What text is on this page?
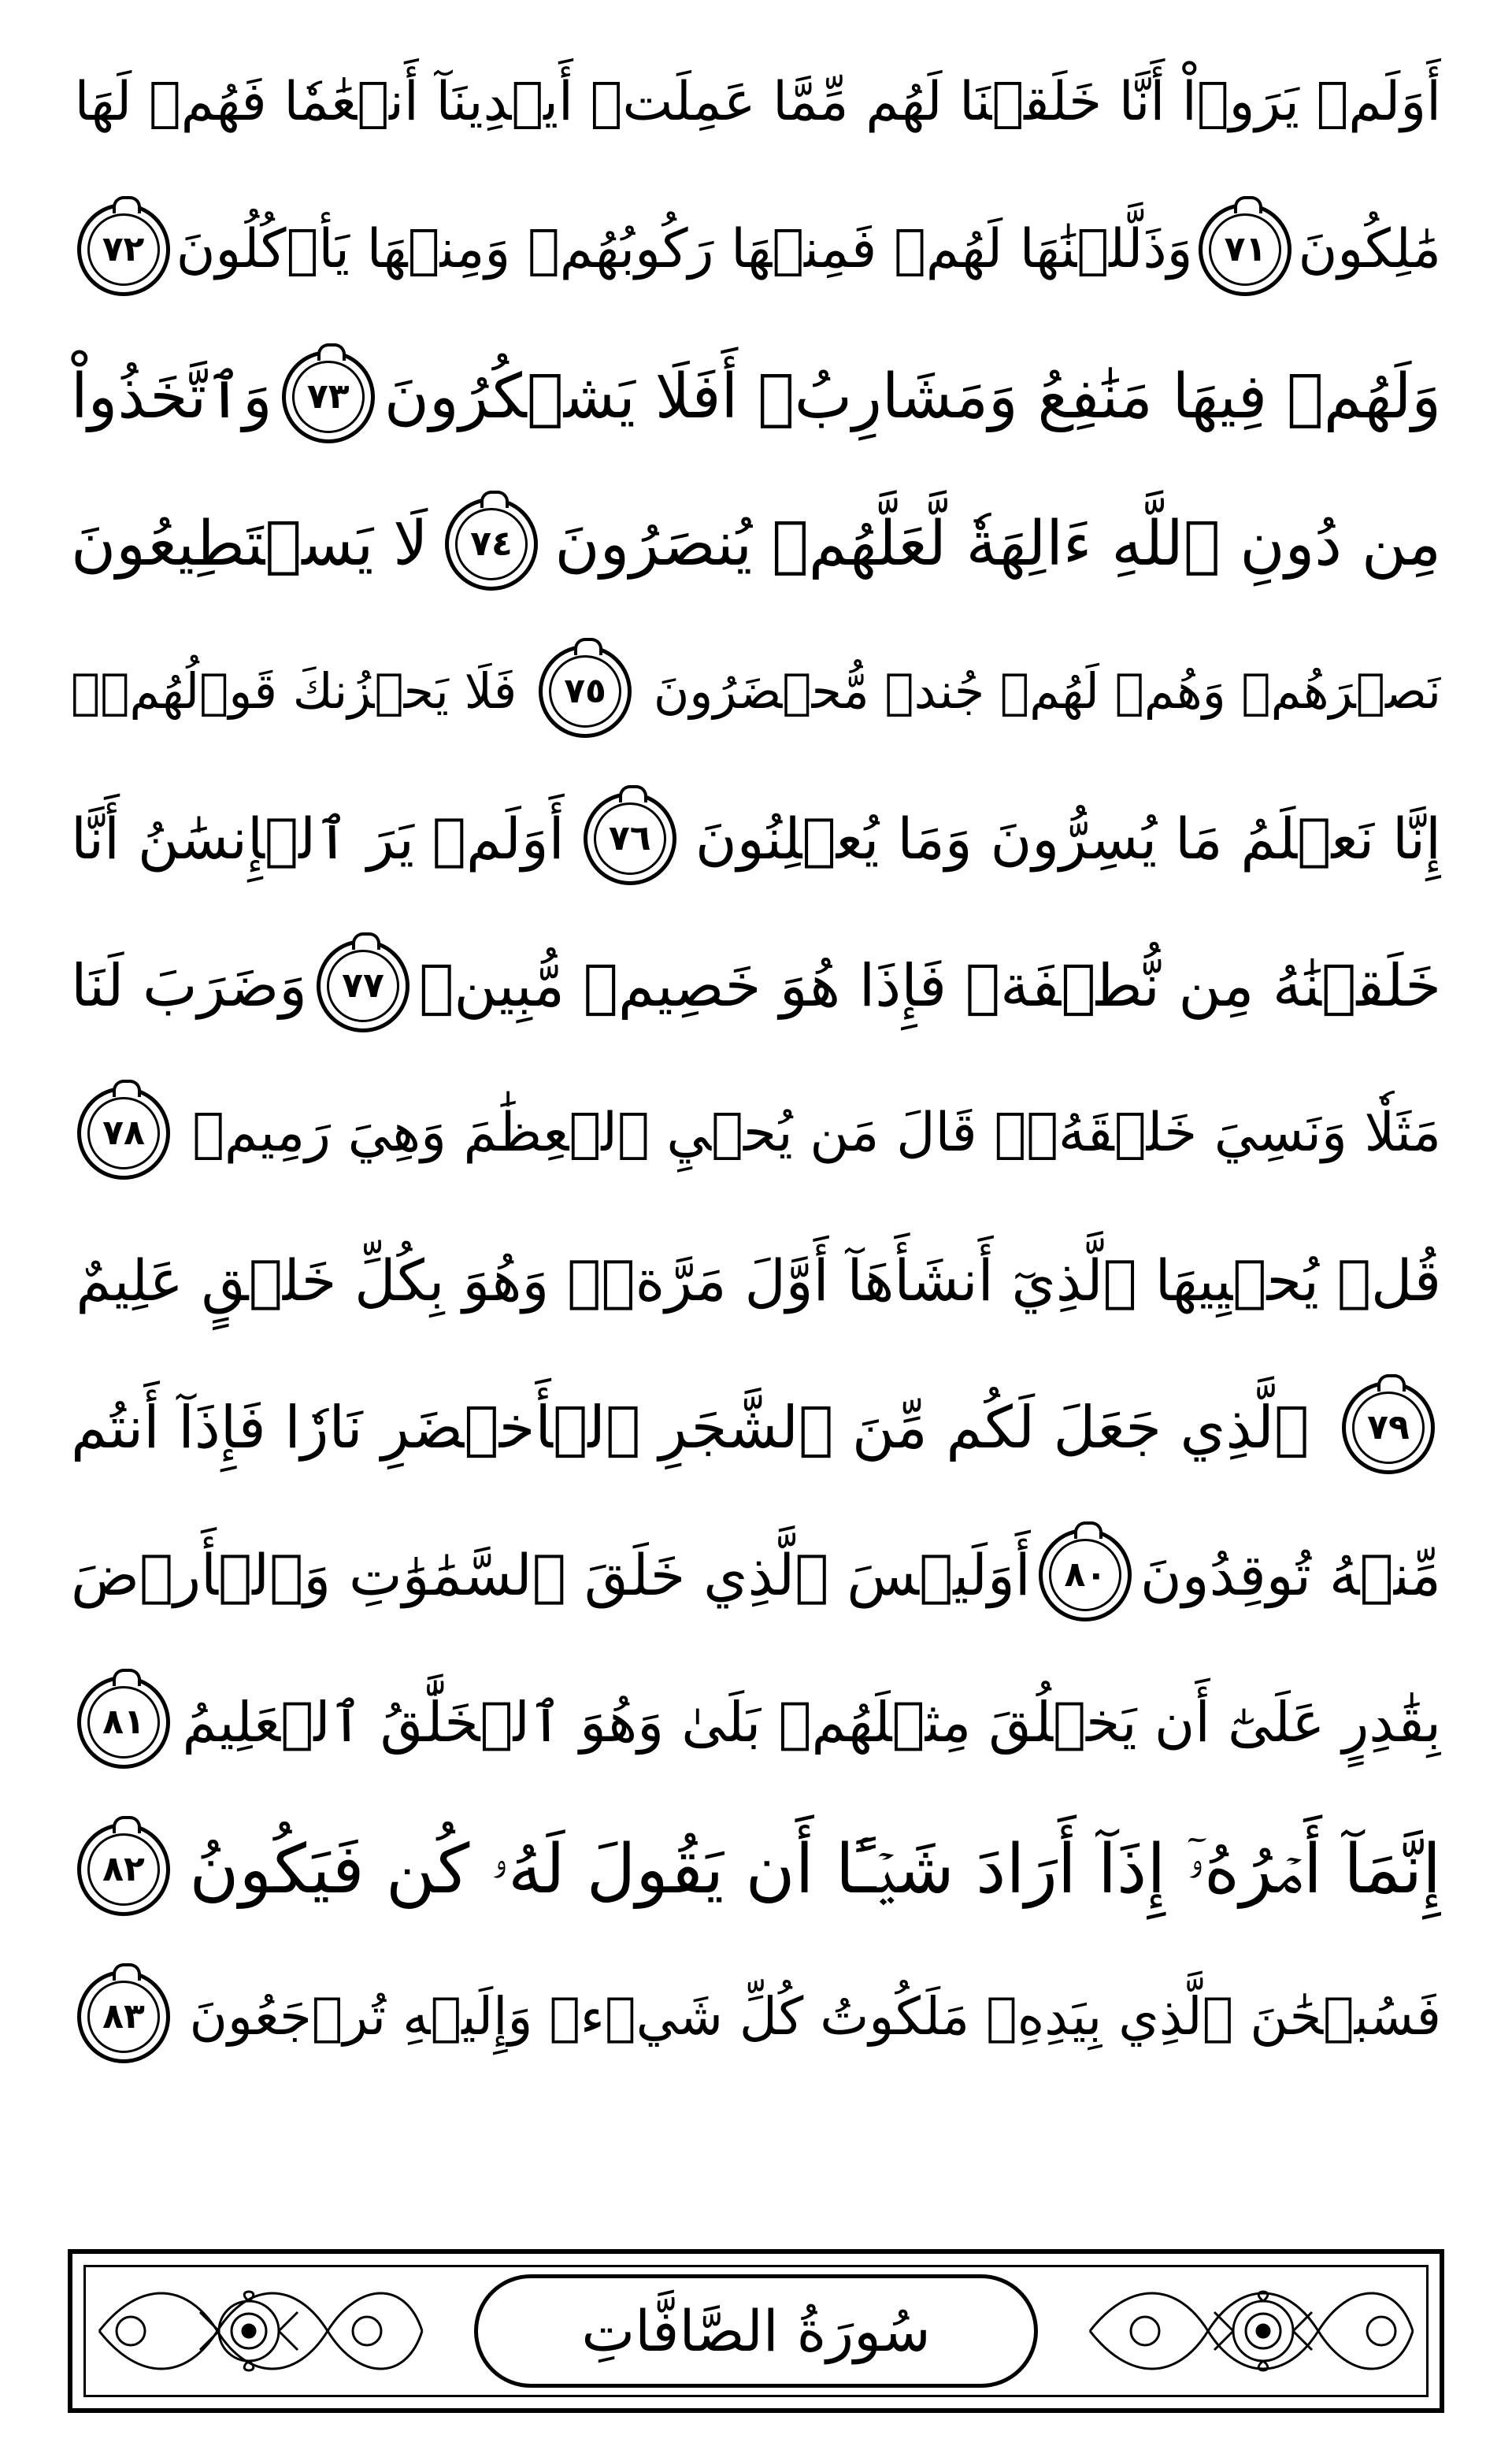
أَوَلَمۡ يَرَوۡاْ أَنَّا خَلَقۡنَا لَهُم مِّمَّا عَمِلَتۡ أَيۡدِينَآ أَنۡعَٰمٗا فَهُمۡ لَهَا
مَٰلِكُونَ
٧١
وَذَلَّلۡنَٰهَا لَهُمۡ فَمِنۡهَا رَكُوبُهُمۡ وَمِنۡهَا يَأۡكُلُونَ
٧٢
وَلَهُمۡ فِيهَا مَنَٰفِعُ وَمَشَارِبُۚ أَفَلَا يَشۡكُرُونَ
٧٣
وَٱتَّخَذُواْ
مِن دُونِ ٱللَّهِ ءَالِهَةٗ لَّعَلَّهُمۡ يُنصَرُونَ
٧٤
لَا يَسۡتَطِيعُونَ
نَصۡرَهُمۡ وَهُمۡ لَهُمۡ جُندٞ مُّحۡضَرُونَ
٧٥
فَلَا يَحۡزُنكَ قَوۡلُهُمۡۘ
إِنَّا نَعۡلَمُ مَا يُسِرُّونَ وَمَا يُعۡلِنُونَ
٧٦
أَوَلَمۡ يَرَ ٱلۡإِنسَٰنُ أَنَّا
خَلَقۡنَٰهُ مِن نُّطۡفَةٖ فَإِذَا هُوَ خَصِيمٞ مُّبِينٞ
٧٧
وَضَرَبَ لَنَا
مَثَلٗا وَنَسِيَ خَلۡقَهُۥۖ قَالَ مَن يُحۡيِ ٱلۡعِظَٰمَ وَهِيَ رَمِيمٞ
٧٨
قُلۡ يُحۡيِيهَا ٱلَّذِيٓ أَنشَأَهَآ أَوَّلَ مَرَّةٖۖ وَهُوَ بِكُلِّ خَلۡقٍ عَلِيمٌ
٧٩
ٱلَّذِي جَعَلَ لَكُم مِّنَ ٱلشَّجَرِ ٱلۡأَخۡضَرِ نَارٗا فَإِذَآ أَنتُم
مِّنۡهُ تُوقِدُونَ
٨٠
أَوَلَيۡسَ ٱلَّذِي خَلَقَ ٱلسَّمَٰوَٰتِ وَٱلۡأَرۡضَ
بِقَٰدِرٍ عَلَىٰٓ أَن يَخۡلُقَ مِثۡلَهُمۚ بَلَىٰ وَهُوَ ٱلۡخَلَّٰقُ ٱلۡعَلِيمُ
٨١
إِنَّمَآ أَمۡرُهُۥٓ إِذَآ أَرَادَ شَيۡـًٔا أَن يَقُولَ لَهُۥ كُن فَيَكُونُ
٨٢
فَسُبۡحَٰنَ ٱلَّذِي بِيَدِهِۦ مَلَكُوتُ كُلِّ شَيۡءٖ وَإِلَيۡهِ تُرۡجَعُونَ
٨٣
سُورَةُ الصَّافَّاتِ
